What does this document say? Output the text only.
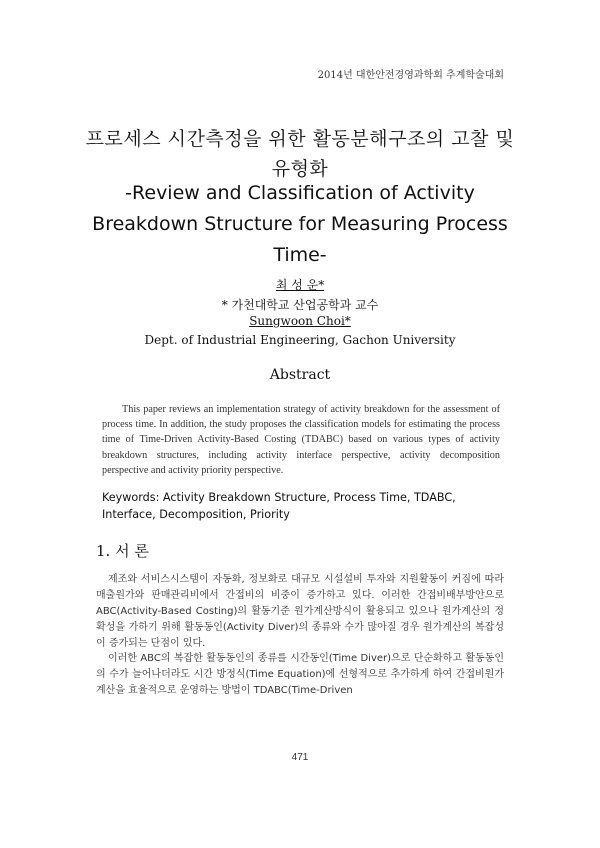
2014년 대한안전경영과학회 추계학술대회
프로세스 시간측정을 위한 활동분해구조의 고찰 및 유형화
-Review and Classification of Activity Breakdown Structure for Measuring Process Time-
최 성 운*
* 가천대학교 산업공학과 교수
Sungwoon Choi*
Dept. of Industrial Engineering, Gachon University
Abstract
This paper reviews an implementation strategy of activity breakdown for the assessment of process time. In addition, the study proposes the classification models for estimating the process time of Time-Driven Activity-Based Costing (TDABC) based on various types of activity breakdown structures, including activity interface perspective, activity decomposition perspective and activity priority perspective.
Keywords: Activity Breakdown Structure, Process Time, TDABC, Interface, Decomposition, Priority
1. 서 론
제조와 서비스시스템이 자동화, 정보화로 대규모 시설설비 투자와 지원활동이 커짐에 따라 매출원가와 판매관리비에서 간접비의 비중이 증가하고 있다. 이러한 간접비배부방안으로 ABC(Activity-Based Costing)의 활동기준 원가계산방식이 활용되고 있으나 원가계산의 정확성을 가하기 위해 활동동인(Activity Diver)의 종류와 수가 많아질 경우 원가계산의 복잡성이 증가되는 단점이 있다.
이러한 ABC의 복잡한 활동동인의 종류를 시간동인(Time Diver)으로 단순화하고 활동동인의 수가 늘어나더라도 시간 방정식(Time Equation)에 선형적으로 추가하게 하여 간접비원가계산을 효율적으로 운영하는 방법이 TDABC(Time-Driven
471
